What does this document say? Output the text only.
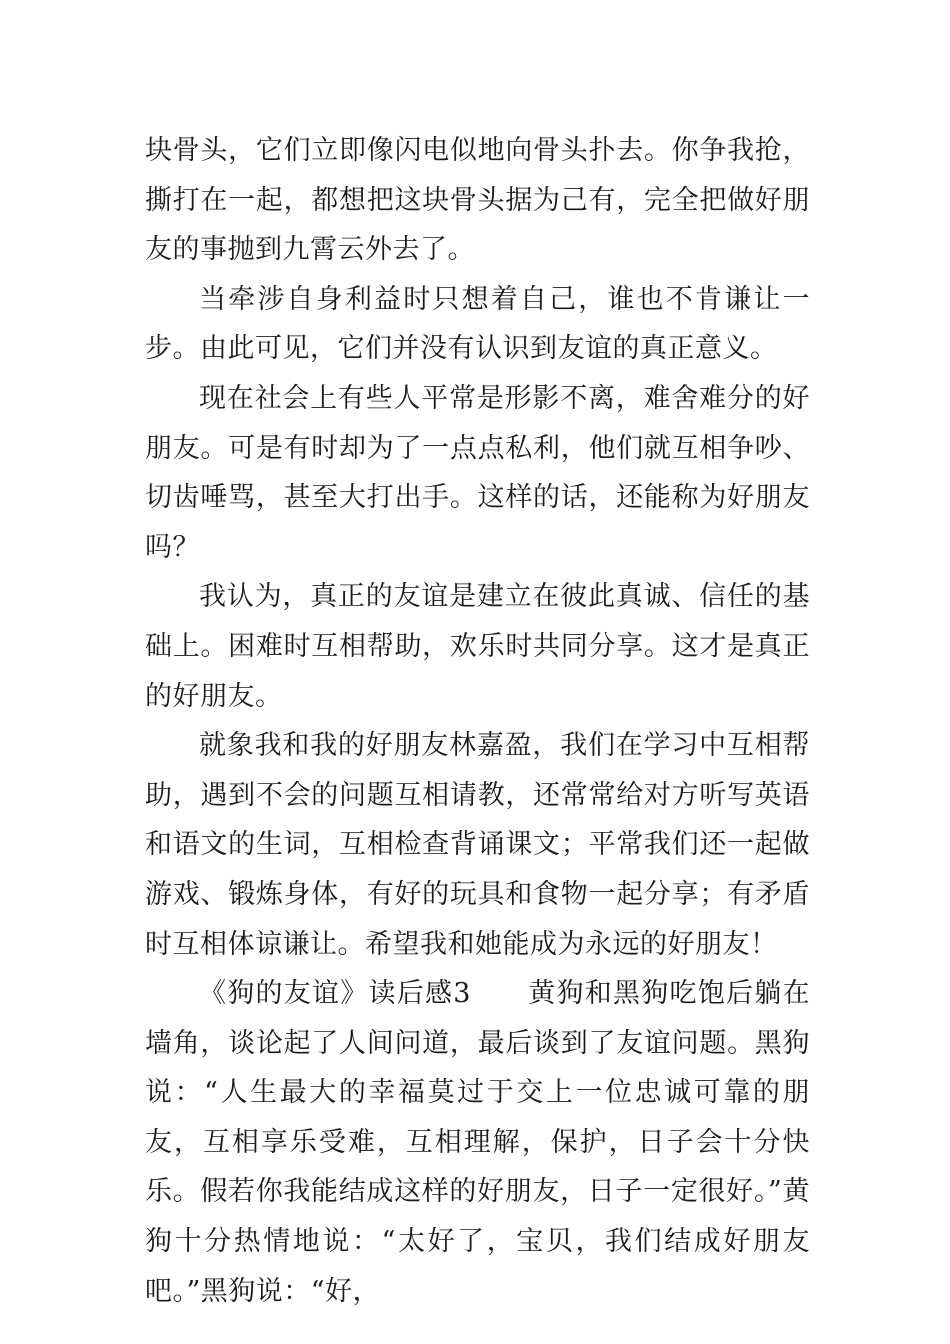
块骨头，它们立即像闪电似地向骨头扑去。你争我抢，撕打在一起，都想把这块骨头据为己有，完全把做好朋友的事抛到九霄云外去了。

当牵涉自身利益时只想着自己，谁也不肯谦让一步。由此可见，它们并没有认识到友谊的真正意义。

现在社会上有些人平常是形影不离，难舍难分的好朋友。可是有时却为了一点点私利，他们就互相争吵、切齿唾骂，甚至大打出手。这样的话，还能称为好朋友吗？

我认为，真正的友谊是建立在彼此真诚、信任的基础上。困难时互相帮助，欢乐时共同分享。这才是真正的好朋友。

就象我和我的好朋友林嘉盈，我们在学习中互相帮助，遇到不会的问题互相请教，还常常给对方听写英语和语文的生词，互相检查背诵课文；平常我们还一起做游戏、锻炼身体，有好的玩具和食物一起分享；有矛盾时互相体谅谦让。希望我和她能成为永远的好朋友！

《狗的友谊》读后感3　　黄狗和黑狗吃饱后躺在墙角，谈论起了人间问道，最后谈到了友谊问题。黑狗说：“人生最大的幸福莫过于交上一位忠诚可靠的朋友，互相享乐受难，互相理解，保护，日子会十分快乐。假若你我能结成这样的好朋友，日子一定很好。”黄狗十分热情地说：“太好了，宝贝，我们结成好朋友吧。”黑狗说：“好，
